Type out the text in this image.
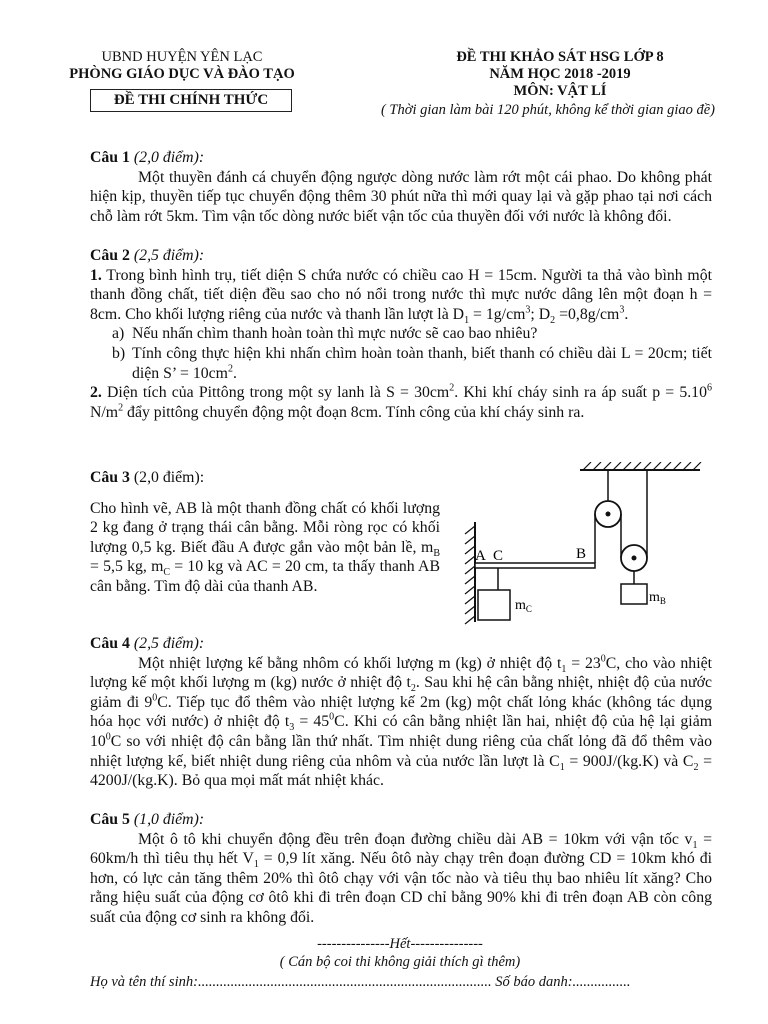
UBND HUYỆN YÊN LẠC
PHÒNG GIÁO DỤC VÀ ĐÀO TẠO
ĐỀ THI CHÍNH THỨC
ĐỀ THI KHẢO SÁT HSG LỚP 8
NĂM HỌC 2018 -2019
MÔN: VẬT LÍ
( Thời gian làm bài 120 phút, không kể thời gian giao đề)
Câu 1 (2,0 điểm):
Một thuyền đánh cá chuyển động ngược dòng nước làm rớt một cái phao. Do không phát hiện kịp, thuyền tiếp tục chuyển động thêm 30 phút nữa thì mới quay lại và gặp phao tại nơi cách chỗ làm rớt 5km. Tìm vận tốc dòng nước biết vận tốc của thuyền đối với nước là không đổi.
Câu 2 (2,5 điểm):
1. Trong bình hình trụ, tiết diện S chứa nước có chiều cao H = 15cm. Người ta thả vào bình một thanh đồng chất, tiết diện đều sao cho nó nổi trong nước thì mực nước dâng lên một đoạn h = 8cm. Cho khối lượng riêng của nước và thanh lần lượt là $D_1 = 1g/cm^3$; $D_2 =0,8g/cm^3$.
a) Nếu nhấn chìm thanh hoàn toàn thì mực nước sẽ cao bao nhiêu?
b) Tính công thực hiện khi nhấn chìm hoàn toàn thanh, biết thanh có chiều dài L = 20cm; tiết diện S’ = $10cm^2$.
2. Diện tích của Pittông trong một sy lanh là $S = 30cm^2$. Khi khí cháy sinh ra áp suất $p = 5.10^6$ $N/m^2$ đẩy pittông chuyển động một đoạn 8cm. Tính công của khí cháy sinh ra.
Câu 3 (2,0 điểm):
Cho hình vẽ, AB là một thanh đồng chất có khối lượng 2 kg đang ở trạng thái cân bằng. Mỗi ròng rọc có khối lượng 0,5 kg. Biết đầu A được gắn vào một bản lề, $m_B = 5,5$ kg, $m_C = 10$ kg và AC = 20 cm, ta thấy thanh AB cân bằng. Tìm độ dài của thanh AB.
A C	B
$m_C$
$m_B$
Câu 4 (2,5 điểm):
Một nhiệt lượng kế bằng nhôm có khối lượng m (kg) ở nhiệt độ $t_1 = 23^0C$, cho vào nhiệt lượng kế một khối lượng m (kg) nước ở nhiệt độ $t_2$. Sau khi hệ cân bằng nhiệt, nhiệt độ của nước giảm đi $9^0C$. Tiếp tục đổ thêm vào nhiệt lượng kế 2m (kg) một chất lỏng khác (không tác dụng hóa học với nước) ở nhiệt độ $t_3 = 45^0C$. Khi có cân bằng nhiệt lần hai, nhiệt độ của hệ lại giảm $10^0C$ so với nhiệt độ cân bằng lần thứ nhất. Tìm nhiệt dung riêng của chất lỏng đã đổ thêm vào nhiệt lượng kế, biết nhiệt dung riêng của nhôm và của nước lần lượt là $C_1 = 900J/(kg.K)$ và $C_2 = 4200J/(kg.K)$. Bỏ qua mọi mất mát nhiệt khác.
Câu 5 (1,0 điểm):
Một ô tô khi chuyển động đều trên đoạn đường chiều dài AB = 10km với vận tốc $v_1 = 60km/h$ thì tiêu thụ hết $V_1 = 0,9$ lít xăng. Nếu ôtô này chạy trên đoạn đường CD = 10km khó đi hơn, có lực cản tăng thêm 20% thì ôtô chạy với vận tốc nào và tiêu thụ bao nhiêu lít xăng? Cho rằng hiệu suất của động cơ ôtô khi đi trên đoạn CD chỉ bằng 90% khi đi trên đoạn AB còn công suất của động cơ sinh ra không đổi.
---------------Hết---------------
( Cán bộ coi thi không giải thích gì thêm)
Họ và tên thí sinh:................................................................................. Số báo danh:................
